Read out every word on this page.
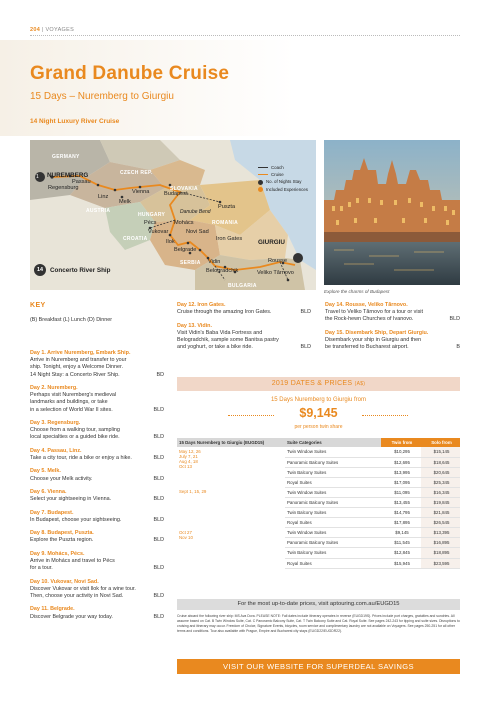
204 | VOYAGES
Grand Danube Cruise
15 Days – Nuremberg to Giurgiu
14 Night Luxury River Cruise
1
GERMANY
CZECH REP.
SLOVAKIA
AUSTRIA
HUNGARY
CROATIA
ROMANIA
SERBIA
BULGARIA
NUREMBERG
Regensburg
Passau
Linz
Melk
Vienna	Budapest
Puszta
Danube Bend
Pécs	Mohács
Vukovar	Novi Sad
Ilok
Belgrade
Iron Gates
Vidin
Belogradchik
GIURGIU
Rousse
Veliko Tărnovo
14 Concerto River Ship
Coach
Cruise
No. of Nights Stay
Included Experiences
Explore the charms of Budapest
KEY
(B) Breakfast (L) Lunch (D) Dinner
Day 1. Arrive Nuremberg, Embark Ship.
Arrive in Nuremberg and transfer to your
ship. Tonight, enjoy a Welcome Dinner.
14 Night Stay: a Concerto River Ship.	BD
Day 2. Nuremberg.
Perhaps visit Nuremberg's medieval
landmarks and buildings, or take
in a selection of World War II sites.	BLD
Day 3. Regensburg.
Choose from a walking tour, sampling
local specialties or a guided bike ride.	BLD
Day 4. Passau, Linz.
Take a city tour, ride a bike or enjoy a hike.	BLD
Day 5. Melk.
Choose your Melk activity.	BLD
Day 6. Vienna.
Select your sightseeing in Vienna.	BLD
Day 7. Budapest.
In Budapest, choose your sightseeing.	BLD
Day 8. Budapest, Puszta.
Explore the Puszta region.	BLD
Day 9. Mohács, Pécs.
Arrive in Mohács and travel to Pécs
for a tour.	BLD
Day 10. Vukovar, Novi Sad.
Discover Vukovar or visit Ilok for a wine tour.
Then, choose your activity in Novi Sad.	BLD
Day 11. Belgrade.
Discover Belgrade your way today.	BLD
Day 12. Iron Gates.
Cruise through the amazing Iron Gates.	BLD
Day 13. Vidin.
Visit Vidin's Baba Vida Fortress and
Belogradchik, sample some Banitsa pastry
and yoghurt, or take a bike ride.	BLD
Day 14. Rousse, Veliko Tărnovo.
Travel to Veliko Tărnovo for a tour or visit
the Rock-hewn Churches of Ivanovo.	BLD
Day 15. Disembark Ship, Depart Giurgiu.
Disembark your ship in Giurgiu and then
be transferred to Bucharest airport.	B
2019 DATES & PRICES (A$)
15 Days Nuremberg to Giurgiu from
$9,145
per person twin share
15 Days Nuremberg to Giurgiu (EUGD15)	Suite Categories	Twin from	Solo from

May 12, 26
July 7, 21
Aug 4, 18
Oct 13	Twin Window Suites	$10,295	$15,145
	Panoramic Balcony Suites	$12,695	$18,645
	Twin Balcony Suites	$13,995	$20,645
	Royal Suites	$17,095	$25,345

Sept 1, 15, 29	Twin Window Suites	$11,095	$16,345
	Panoramic Balcony Suites	$13,455	$19,845
	Twin Balcony Suites	$14,795	$21,845
	Royal Suites	$17,895	$26,545

Oct 27
Nov 10	Twin Window Suites	$9,145	$13,395
	Panoramic Balcony Suites	$11,545	$16,895
	Twin Balcony Suites	$12,845	$18,895
	Royal Suites	$15,945	$23,595
For the most up-to-date prices, visit aptouring.com.au/EUGD15
Cruise aboard the following river ship: MS Ava Dora. PLEASE NOTE: Fall dates include itinerary operates in reverse (EUGD19S). Prices include port charges, gratuities and sundries. All assume based on Cat. B Twin Window Suite, Cat. C Panoramic Balcony Suite, Cat. T Twin Balcony Suite and Cat. Royal Suite. See pages 242-243 for tipping and suite sizes. Disruptions to cruising and itinerary may occur. Freedom of Choice, Signature Events, bicycles, room service and complimentary laundry are not available on Voyagers. See pages 250-251 for all other terms and conditions. Tour also available with Prague, Empire and Bucharest city stays (EUGD22/EUGDR22).
VISIT OUR WEBSITE FOR SUPERDEAL SAVINGS
